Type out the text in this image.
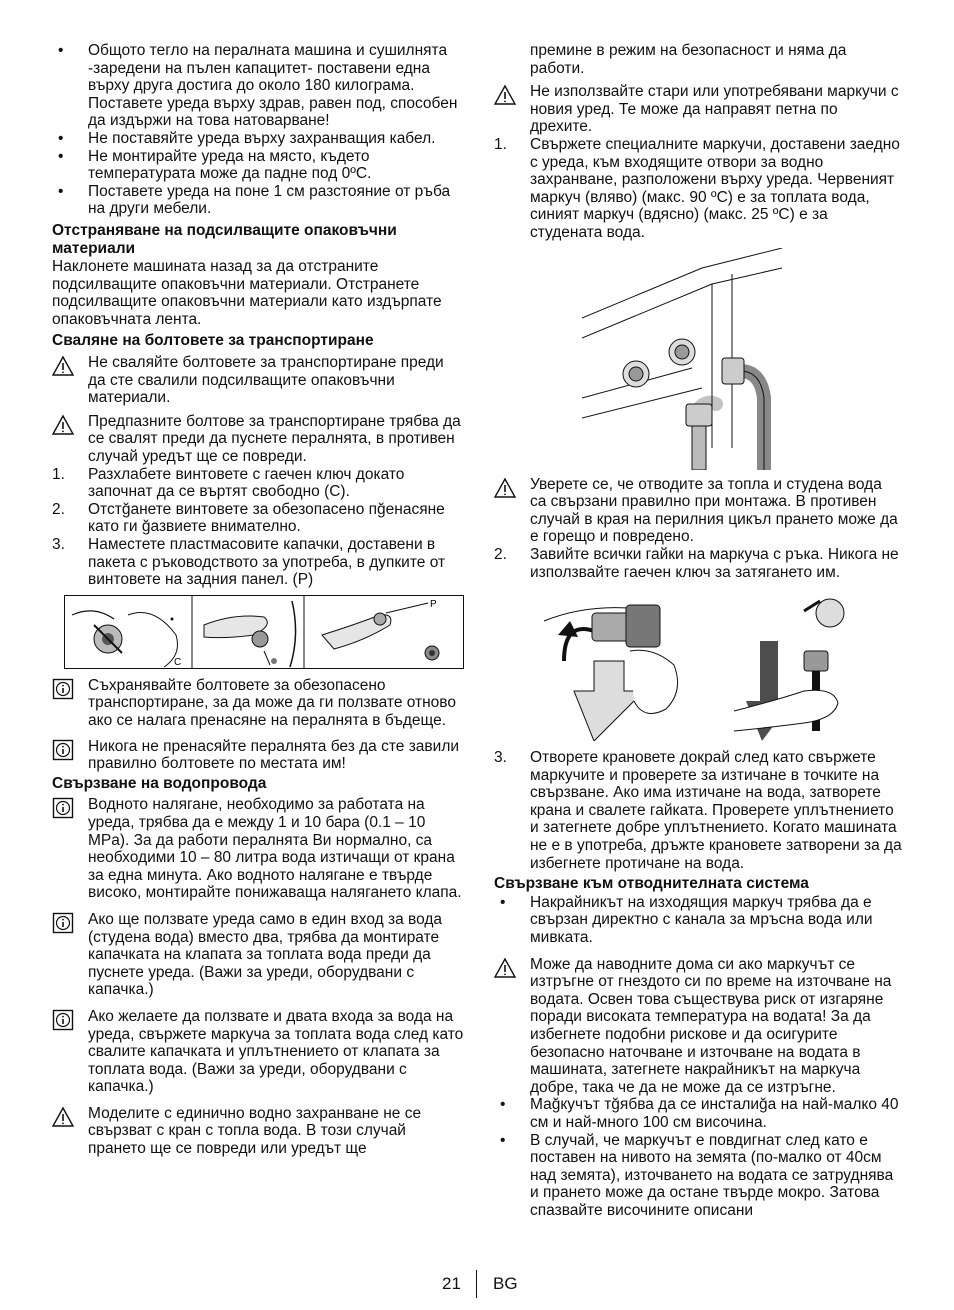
• Общото тегло на пералната машина и сушилнята -заредени на пълен капацитет- поставени една върху друга достига до около 180 килограма. Поставете уреда върху здрав, равен под, способен да издържи на това натоварване!
• Не поставяйте уреда върху захранващия кабел.
• Не монтирайте уреда на място, където температурата може да падне под 0ºC.
• Поставете уреда на поне 1 см разстояние от ръба на други мебели.
Отстраняване на подсилващите опаковъчни материали
Наклонете машината назад за да отстраните подсилващите опаковъчни материали. Отстранете подсилващите опаковъчни материали като издърпате опаковъчната лента.
Сваляне на болтовете за транспортиране
Не сваляйте болтовете за транспортиране преди да сте свалили подсилващите опаковъчни материали.
Предпазните болтове за транспортиране трябва да се свалят преди да пуснете пералнята, в противен случай уредът ще се повреди.
1. Разхлабете винтовете с гаечен ключ докато започнат да се въртят свободно (C).
2. Отстğанете винтовете за обезопасено пğенасяне като ги ğазвиете внимателно.
3. Наместете пластмасовите капачки, доставени в пакета с ръководството за употреба, в дупките от винтовете на задния панел. (P)
C
P
Съхранявайте болтовете за обезопасено транспортиране, за да може да ги ползвате отново ако се налага пренасяне на пералнята в бъдеще.
Никога не пренасяйте пералнята без да сте завили правилно болтовете по местата им!
Свързване на водопровода
Водното налягане, необходимо за работата на уреда, трябва да е между 1 и 10 бара (0.1 – 10 MPa). За да работи пералнята Ви нормално, са необходими 10 – 80 литра вода изтичащи от крана за една минута. Ако водното налягане е твърде високо, монтирайте понижаваща налягането клапа.
Ако ще ползвате уреда само в един вход за вода (студена вода) вместо два, трябва да монтирате капачката на клапата за топлата вода преди да пуснете уреда. (Важи за уреди, оборудвани с капачка.)
Ако желаете да ползвате и двата входа за вода на уреда, свържете маркуча за топлата вода след като свалите капачката и уплътнението от клапата за топлата вода. (Важи за уреди, оборудвани с капачка.)
Моделите с единично водно захранване не се свързват с кран с топла вода. В този случай прането ще се повреди или уредът ще
премине в режим на безопасност и няма да работи.
Не използвайте стари или употребявани маркучи с новия уред. Те може да направят петна по дрехите.
1. Свържете специалните маркучи, доставени заедно с уреда, към входящите отвори за водно захранване, разположени върху уреда. Червеният маркуч (вляво) (макс. 90 ºC) е за топлата вода, синият маркуч (вдясно) (макс. 25 ºC) е за студената вода.
Уверете се, че отводите за топла и студена вода са свързани правилно при монтажа. В противен случай в края на перилния цикъл прането може да е горещо и повредено.
2. Завийте всички гайки на маркуча с ръка. Никога не използвайте гаечен ключ за затягането им.
3. Отворете крановете докрай след като свържете маркучите и проверете за изтичане в точките на свързване. Ако има изтичане на вода, затворете крана и свалете гайката. Проверете уплътнението и затегнете добре уплътнението. Когато машината не е в употреба, дръжте крановете затворени за да избегнете протичане на вода.
Свързване към отводнителната система
• Накрайникът на изходящия маркуч трябва да е свързан директно с канала за мръсна вода или мивката.
Може да наводните дома си ако маркучът се изтръгне от гнездото си по време на източване на водата. Освен това съществува риск от изгаряне поради високата темпеpатура на водата! За да избегнете подобни рискове и да осигурите безопасно наточване и източване на водата в машината, затегнете накрайникът на маркуча добре, така че да не може да се изтръгне.
• Маğкучът тğябва да се инсталиğа на най-малко 40 см и най-много 100 см височина.
• В случай, че маркучът е повдигнат след като е поставен на нивото на земята (по-малко от 40см над земята), източването на водата се затруднява и прането може да остане твърде мокро. Затова спазвайте височините описани
21 BG
